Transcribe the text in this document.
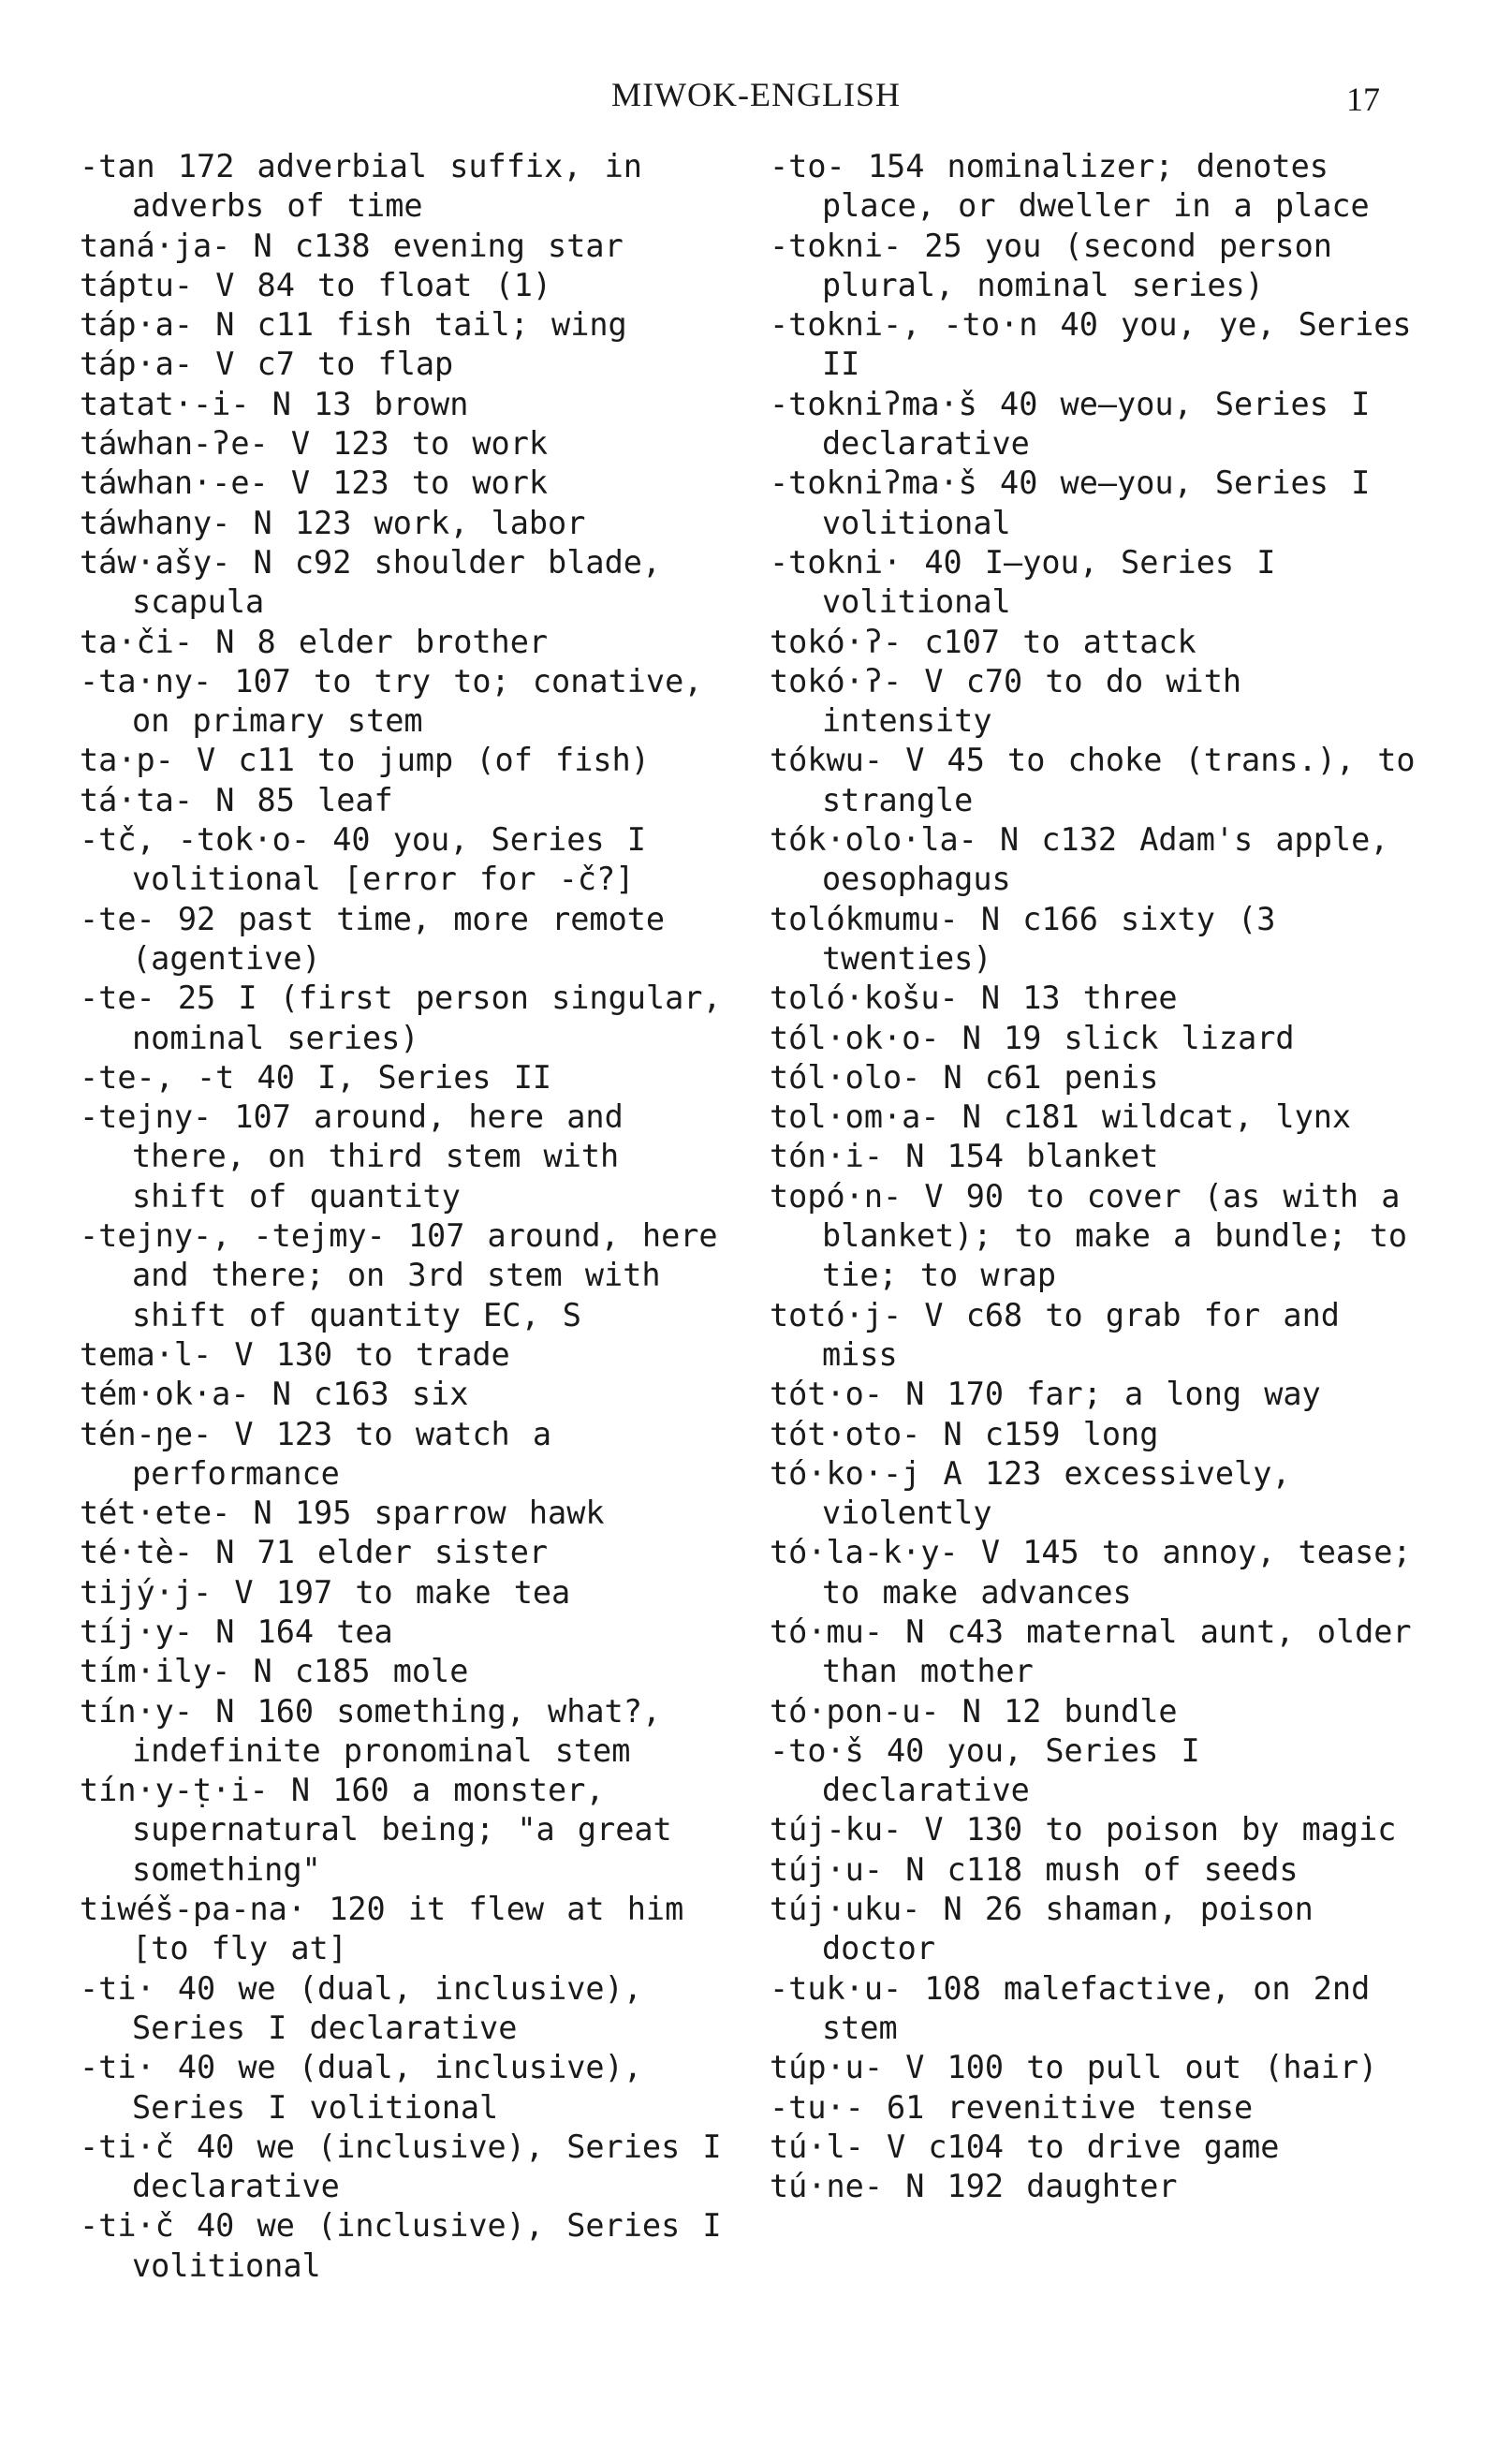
MIWOK-ENGLISH	17
-tan 172 adverbial suffix, in adverbs of time
taná·ja- N c138 evening star
táptu- V 84 to float (1)
táp·a- N c11 fish tail; wing
táp·a- V c7 to flap
tatat·-i- N 13 brown
táwhan-ʔe- V 123 to work
táwhan·-e- V 123 to work
táwhany- N 123 work, labor
táw·ašy- N c92 shoulder blade, scapula
ta·či- N 8 elder brother
-ta·ny- 107 to try to; conative, on primary stem
ta·p- V c11 to jump (of fish)
tá·ta- N 85 leaf
-tč, -tok·o- 40 you, Series I volitional [error for -č?]
-te- 92 past time, more remote (agentive)
-te- 25 I (first person singular, nominal series)
-te-, -t 40 I, Series II
-tejny- 107 around, here and there, on third stem with shift of quantity
-tejny-, -tejmy- 107 around, here and there; on 3rd stem with shift of quantity EC, S
tema·l- V 130 to trade
tém·ok·a- N c163 six
tén-ŋe- V 123 to watch a performance
tét·ete- N 195 sparrow hawk
té·tè- N 71 elder sister
tijý·j- V 197 to make tea
tíj·y- N 164 tea
tím·ily- N c185 mole
tín·y- N 160 something, what?, indefinite pronominal stem
tín·y-ṭ·i- N 160 a monster, supernatural being; "a great something"
tiwéš-pa-na· 120 it flew at him [to fly at]
-ti· 40 we (dual, inclusive), Series I declarative
-ti· 40 we (dual, inclusive), Series I volitional
-ti·č 40 we (inclusive), Series I declarative
-ti·č 40 we (inclusive), Series I volitional
-to- 154 nominalizer; denotes place, or dweller in a place
-tokni- 25 you (second person plural, nominal series)
-tokni-, -to·n 40 you, ye, Series II
-tokniʔma·š 40 we—you, Series I declarative
-tokniʔma·š 40 we—you, Series I volitional
-tokni· 40 I—you, Series I volitional
tokó·ʔ- c107 to attack
tokó·ʔ- V c70 to do with intensity
tókwu- V 45 to choke (trans.), to strangle
tók·olo·la- N c132 Adam's apple, oesophagus
tolókmumu- N c166 sixty (3 twenties)
toló·košu- N 13 three
tól·ok·o- N 19 slick lizard
tól·olo- N c61 penis
tol·om·a- N c181 wildcat, lynx
tón·i- N 154 blanket
topó·n- V 90 to cover (as with a blanket); to make a bundle; to tie; to wrap
totó·j- V c68 to grab for and miss
tót·o- N 170 far; a long way
tót·oto- N c159 long
tó·ko·-j A 123 excessively, violently
tó·la-k·y- V 145 to annoy, tease; to make advances
tó·mu- N c43 maternal aunt, older than mother
tó·pon-u- N 12 bundle
-to·š 40 you, Series I declarative
túj-ku- V 130 to poison by magic
túj·u- N c118 mush of seeds
túj·uku- N 26 shaman, poison doctor
-tuk·u- 108 malefactive, on 2nd stem
túp·u- V 100 to pull out (hair)
-tu·- 61 revenitive tense
tú·l- V c104 to drive game
tú·ne- N 192 daughter
